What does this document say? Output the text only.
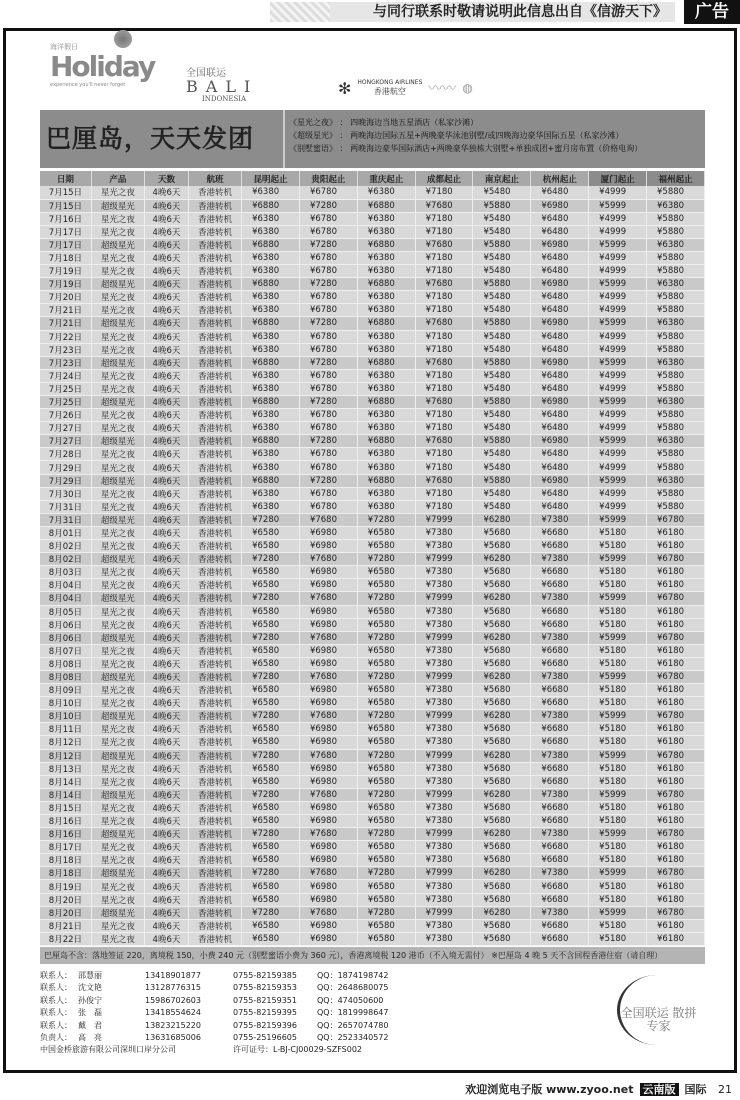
与同行联系时敬请说明此信息出自《信游天下》	广告
海洋假日
Holiday
experience you'll never forget
全国联运
BALI
INDONESIA
✻ HONGKONG AIRLINES
香港航空	〰〰 ◍
巴厘岛，天天发团
《星光之夜》 ： 四晚海边当地五星酒店（私家沙滩）
《超级星光》 ： 两晚海边国际五星+两晚豪华泳池别墅/或四晚海边豪华国际五星（私家沙滩）
《别墅蜜语》 ： 两晚海边豪华国际酒店+两晚豪华独栋大别墅+单独成团+蜜月房布置（价格电询）
日期	产品	天数	航班	昆明起止	贵阳起止	重庆起止	成都起止	南京起止	杭州起止	厦门起止	福州起止
7月15日	星光之夜	4晚6天	香港转机	¥6380	¥6780	¥6380	¥7180	¥5480	¥6480	¥4999	¥5880
7月15日	超级星光	4晚6天	香港转机	¥6880	¥7280	¥6880	¥7680	¥5880	¥6980	¥5999	¥6380
7月16日	星光之夜	4晚6天	香港转机	¥6380	¥6780	¥6380	¥7180	¥5480	¥6480	¥4999	¥5880
7月17日	星光之夜	4晚6天	香港转机	¥6380	¥6780	¥6380	¥7180	¥5480	¥6480	¥4999	¥5880
7月17日	超级星光	4晚6天	香港转机	¥6880	¥7280	¥6880	¥7680	¥5880	¥6980	¥5999	¥6380
7月18日	星光之夜	4晚6天	香港转机	¥6380	¥6780	¥6380	¥7180	¥5480	¥6480	¥4999	¥5880
7月19日	星光之夜	4晚6天	香港转机	¥6380	¥6780	¥6380	¥7180	¥5480	¥6480	¥4999	¥5880
7月19日	超级星光	4晚6天	香港转机	¥6880	¥7280	¥6880	¥7680	¥5880	¥6980	¥5999	¥6380
7月20日	星光之夜	4晚6天	香港转机	¥6380	¥6780	¥6380	¥7180	¥5480	¥6480	¥4999	¥5880
7月21日	星光之夜	4晚6天	香港转机	¥6380	¥6780	¥6380	¥7180	¥5480	¥6480	¥4999	¥5880
7月21日	超级星光	4晚6天	香港转机	¥6880	¥7280	¥6880	¥7680	¥5880	¥6980	¥5999	¥6380
7月22日	星光之夜	4晚6天	香港转机	¥6380	¥6780	¥6380	¥7180	¥5480	¥6480	¥4999	¥5880
7月23日	星光之夜	4晚6天	香港转机	¥6380	¥6780	¥6380	¥7180	¥5480	¥6480	¥4999	¥5880
7月23日	超级星光	4晚6天	香港转机	¥6880	¥7280	¥6880	¥7680	¥5880	¥6980	¥5999	¥6380
7月24日	星光之夜	4晚6天	香港转机	¥6380	¥6780	¥6380	¥7180	¥5480	¥6480	¥4999	¥5880
7月25日	星光之夜	4晚6天	香港转机	¥6380	¥6780	¥6380	¥7180	¥5480	¥6480	¥4999	¥5880
7月25日	超级星光	4晚6天	香港转机	¥6880	¥7280	¥6880	¥7680	¥5880	¥6980	¥5999	¥6380
7月26日	星光之夜	4晚6天	香港转机	¥6380	¥6780	¥6380	¥7180	¥5480	¥6480	¥4999	¥5880
7月27日	星光之夜	4晚6天	香港转机	¥6380	¥6780	¥6380	¥7180	¥5480	¥6480	¥4999	¥5880
7月27日	超级星光	4晚6天	香港转机	¥6880	¥7280	¥6880	¥7680	¥5880	¥6980	¥5999	¥6380
7月28日	星光之夜	4晚6天	香港转机	¥6380	¥6780	¥6380	¥7180	¥5480	¥6480	¥4999	¥5880
7月29日	星光之夜	4晚6天	香港转机	¥6380	¥6780	¥6380	¥7180	¥5480	¥6480	¥4999	¥5880
7月29日	超级星光	4晚6天	香港转机	¥6880	¥7280	¥6880	¥7680	¥5880	¥6980	¥5999	¥6380
7月30日	星光之夜	4晚6天	香港转机	¥6380	¥6780	¥6380	¥7180	¥5480	¥6480	¥4999	¥5880
7月31日	星光之夜	4晚6天	香港转机	¥6380	¥6780	¥6380	¥7180	¥5480	¥6480	¥4999	¥5880
7月31日	超级星光	4晚6天	香港转机	¥7280	¥7680	¥7280	¥7999	¥6280	¥7380	¥5999	¥6780
8月01日	星光之夜	4晚6天	香港转机	¥6580	¥6980	¥6580	¥7380	¥5680	¥6680	¥5180	¥6180
8月02日	星光之夜	4晚6天	香港转机	¥6580	¥6980	¥6580	¥7380	¥5680	¥6680	¥5180	¥6180
8月02日	超级星光	4晚6天	香港转机	¥7280	¥7680	¥7280	¥7999	¥6280	¥7380	¥5999	¥6780
8月03日	星光之夜	4晚6天	香港转机	¥6580	¥6980	¥6580	¥7380	¥5680	¥6680	¥5180	¥6180
8月04日	星光之夜	4晚6天	香港转机	¥6580	¥6980	¥6580	¥7380	¥5680	¥6680	¥5180	¥6180
8月04日	超级星光	4晚6天	香港转机	¥7280	¥7680	¥7280	¥7999	¥6280	¥7380	¥5999	¥6780
8月05日	星光之夜	4晚6天	香港转机	¥6580	¥6980	¥6580	¥7380	¥5680	¥6680	¥5180	¥6180
8月06日	星光之夜	4晚6天	香港转机	¥6580	¥6980	¥6580	¥7380	¥5680	¥6680	¥5180	¥6180
8月06日	超级星光	4晚6天	香港转机	¥7280	¥7680	¥7280	¥7999	¥6280	¥7380	¥5999	¥6780
8月07日	星光之夜	4晚6天	香港转机	¥6580	¥6980	¥6580	¥7380	¥5680	¥6680	¥5180	¥6180
8月08日	星光之夜	4晚6天	香港转机	¥6580	¥6980	¥6580	¥7380	¥5680	¥6680	¥5180	¥6180
8月08日	超级星光	4晚6天	香港转机	¥7280	¥7680	¥7280	¥7999	¥6280	¥7380	¥5999	¥6780
8月09日	星光之夜	4晚6天	香港转机	¥6580	¥6980	¥6580	¥7380	¥5680	¥6680	¥5180	¥6180
8月10日	星光之夜	4晚6天	香港转机	¥6580	¥6980	¥6580	¥7380	¥5680	¥6680	¥5180	¥6180
8月10日	超级星光	4晚6天	香港转机	¥7280	¥7680	¥7280	¥7999	¥6280	¥7380	¥5999	¥6780
8月11日	星光之夜	4晚6天	香港转机	¥6580	¥6980	¥6580	¥7380	¥5680	¥6680	¥5180	¥6180
8月12日	星光之夜	4晚6天	香港转机	¥6580	¥6980	¥6580	¥7380	¥5680	¥6680	¥5180	¥6180
8月12日	超级星光	4晚6天	香港转机	¥7280	¥7680	¥7280	¥7999	¥6280	¥7380	¥5999	¥6780
8月13日	星光之夜	4晚6天	香港转机	¥6580	¥6980	¥6580	¥7380	¥5680	¥6680	¥5180	¥6180
8月14日	星光之夜	4晚6天	香港转机	¥6580	¥6980	¥6580	¥7380	¥5680	¥6680	¥5180	¥6180
8月14日	超级星光	4晚6天	香港转机	¥7280	¥7680	¥7280	¥7999	¥6280	¥7380	¥5999	¥6780
8月15日	星光之夜	4晚6天	香港转机	¥6580	¥6980	¥6580	¥7380	¥5680	¥6680	¥5180	¥6180
8月16日	星光之夜	4晚6天	香港转机	¥6580	¥6980	¥6580	¥7380	¥5680	¥6680	¥5180	¥6180
8月16日	超级星光	4晚6天	香港转机	¥7280	¥7680	¥7280	¥7999	¥6280	¥7380	¥5999	¥6780
8月17日	星光之夜	4晚6天	香港转机	¥6580	¥6980	¥6580	¥7380	¥5680	¥6680	¥5180	¥6180
8月18日	星光之夜	4晚6天	香港转机	¥6580	¥6980	¥6580	¥7380	¥5680	¥6680	¥5180	¥6180
8月18日	超级星光	4晚6天	香港转机	¥7280	¥7680	¥7280	¥7999	¥6280	¥7380	¥5999	¥6780
8月19日	星光之夜	4晚6天	香港转机	¥6580	¥6980	¥6580	¥7380	¥5680	¥6680	¥5180	¥6180
8月20日	星光之夜	4晚6天	香港转机	¥6580	¥6980	¥6580	¥7380	¥5680	¥6680	¥5180	¥6180
8月20日	超级星光	4晚6天	香港转机	¥7280	¥7680	¥7280	¥7999	¥6280	¥7380	¥5999	¥6780
8月21日	星光之夜	4晚6天	香港转机	¥6580	¥6980	¥6580	¥7380	¥5680	¥6680	¥5180	¥6180
8月22日	星光之夜	4晚6天	香港转机	¥6580	¥6980	¥6580	¥7380	¥5680	¥6680	¥5180	¥6180
巴厘岛不含：落地签证 220，离境税 150，小费 240 元（别墅蜜语小费为 360 元），香港离境税 120 港币（不入境无需付） ※巴厘岛 4 晚 5 天不含回程香港住宿（请自理）
联系人： 邵慧丽	13418901877	0755-82159385	QQ：1874198742
联系人： 沈文艳	13128776315	0755-82159353	QQ：2648680075
联系人： 孙俊宁	15986702603	0755-82159351	QQ：474050600
联系人： 张　磊	13418554624	0755-82159395	QQ：1819998647
联系人： 戴　君	13823215220	0755-82159396	QQ：2657074780
负责人： 高　亮	13631685006	0755-25196605	QQ：2523340572
中国金桥旅游有限公司深圳口岸分公司	许可证号：L-BJ-CJ00029-SZFS002
全国联运 散拼专家
欢迎浏览电子版 www.zyoo.net 云南版 国际 21
